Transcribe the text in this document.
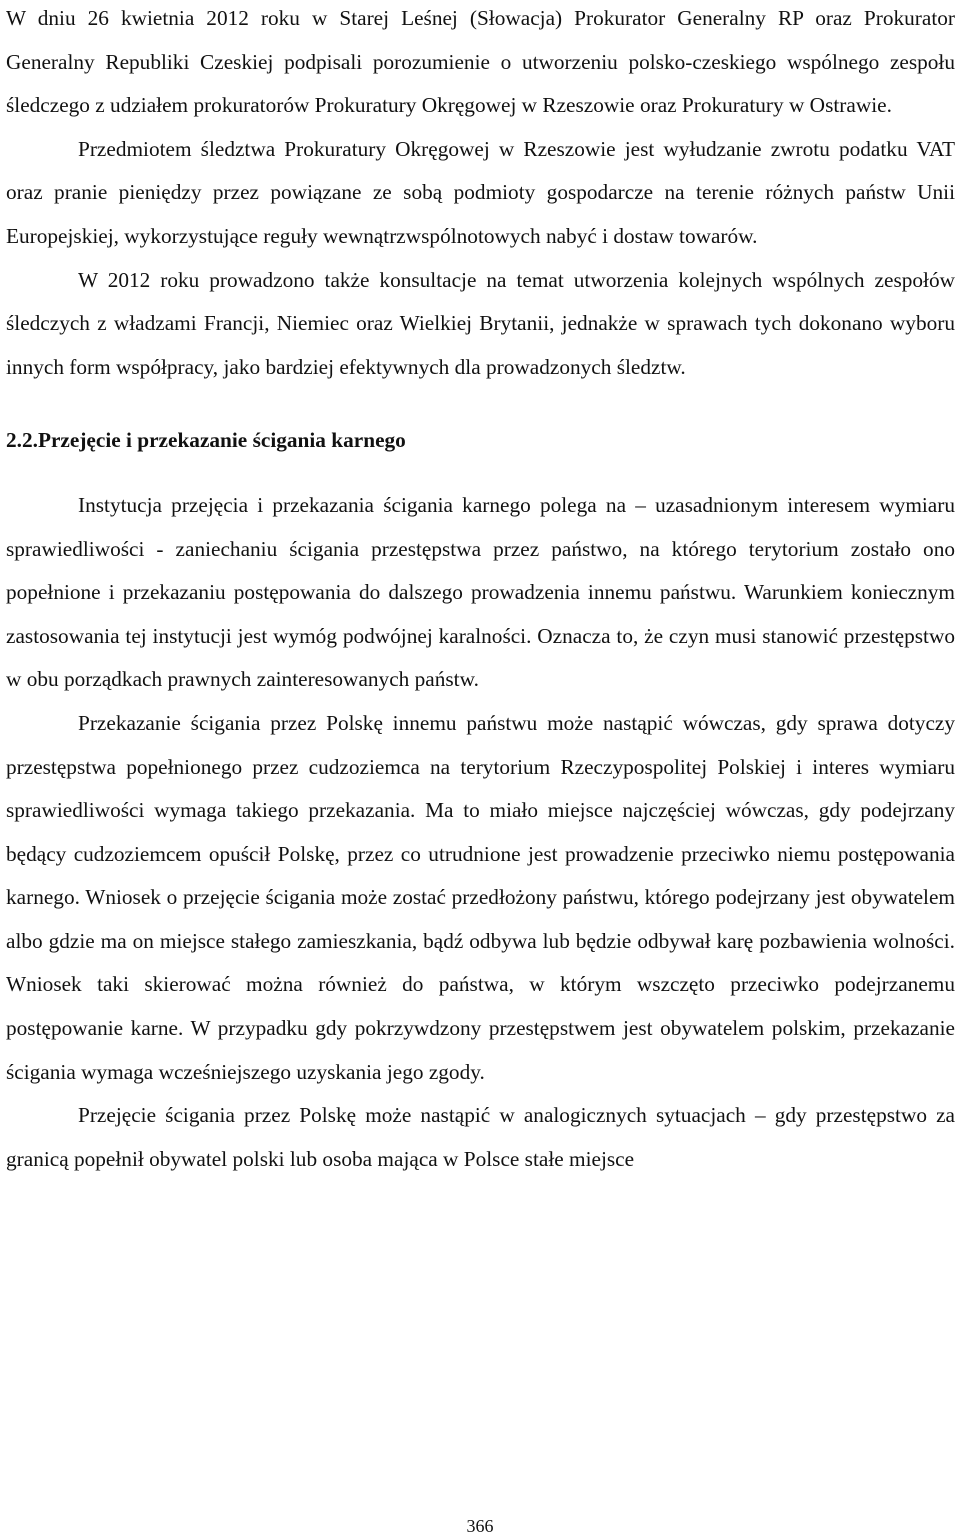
W dniu 26 kwietnia 2012 roku w Starej Leśnej (Słowacja) Prokurator Generalny RP oraz Prokurator Generalny Republiki Czeskiej podpisali porozumienie o utworzeniu polsko-czeskiego wspólnego zespołu śledczego z udziałem prokuratorów Prokuratury Okręgowej w Rzeszowie oraz Prokuratury w Ostrawie.

Przedmiotem śledztwa Prokuratury Okręgowej w Rzeszowie jest wyłudzanie zwrotu podatku VAT oraz pranie pieniędzy przez powiązane ze sobą podmioty gospodarcze na terenie różnych państw Unii Europejskiej, wykorzystujące reguły wewnątrzwspólnotowych nabyć i dostaw towarów.

W 2012 roku prowadzono także konsultacje na temat utworzenia kolejnych wspólnych zespołów śledczych z władzami Francji, Niemiec oraz Wielkiej Brytanii, jednakże w sprawach tych dokonano wyboru innych form współpracy, jako bardziej efektywnych dla prowadzonych śledztw.

2.2.Przejęcie i przekazanie ścigania karnego

Instytucja przejęcia i przekazania ścigania karnego polega na – uzasadnionym interesem wymiaru sprawiedliwości - zaniechaniu ścigania przestępstwa przez państwo, na którego terytorium zostało ono popełnione i przekazaniu postępowania do dalszego prowadzenia innemu państwu. Warunkiem koniecznym zastosowania tej instytucji jest wymóg podwójnej karalności. Oznacza to, że czyn musi stanowić przestępstwo w obu porządkach prawnych zainteresowanych państw.

Przekazanie ścigania przez Polskę innemu państwu może nastąpić wówczas, gdy sprawa dotyczy przestępstwa popełnionego przez cudzoziemca na terytorium Rzeczypospolitej Polskiej i interes wymiaru sprawiedliwości wymaga takiego przekazania. Ma to miało miejsce najczęściej wówczas, gdy podejrzany będący cudzoziemcem opuścił Polskę, przez co utrudnione jest prowadzenie przeciwko niemu postępowania karnego. Wniosek o przejęcie ścigania może zostać przedłożony państwu, którego podejrzany jest obywatelem albo gdzie ma on miejsce stałego zamieszkania, bądź odbywa lub będzie odbywał karę pozbawienia wolności. Wniosek taki skierować można również do państwa, w którym wszczęto przeciwko podejrzanemu postępowanie karne. W przypadku gdy pokrzywdzony przestępstwem jest obywatelem polskim, przekazanie ścigania wymaga wcześniejszego uzyskania jego zgody.

Przejęcie ścigania przez Polskę może nastąpić w analogicznych sytuacjach – gdy przestępstwo za granicą popełnił obywatel polski lub osoba mająca w Polsce stałe miejsce

366
